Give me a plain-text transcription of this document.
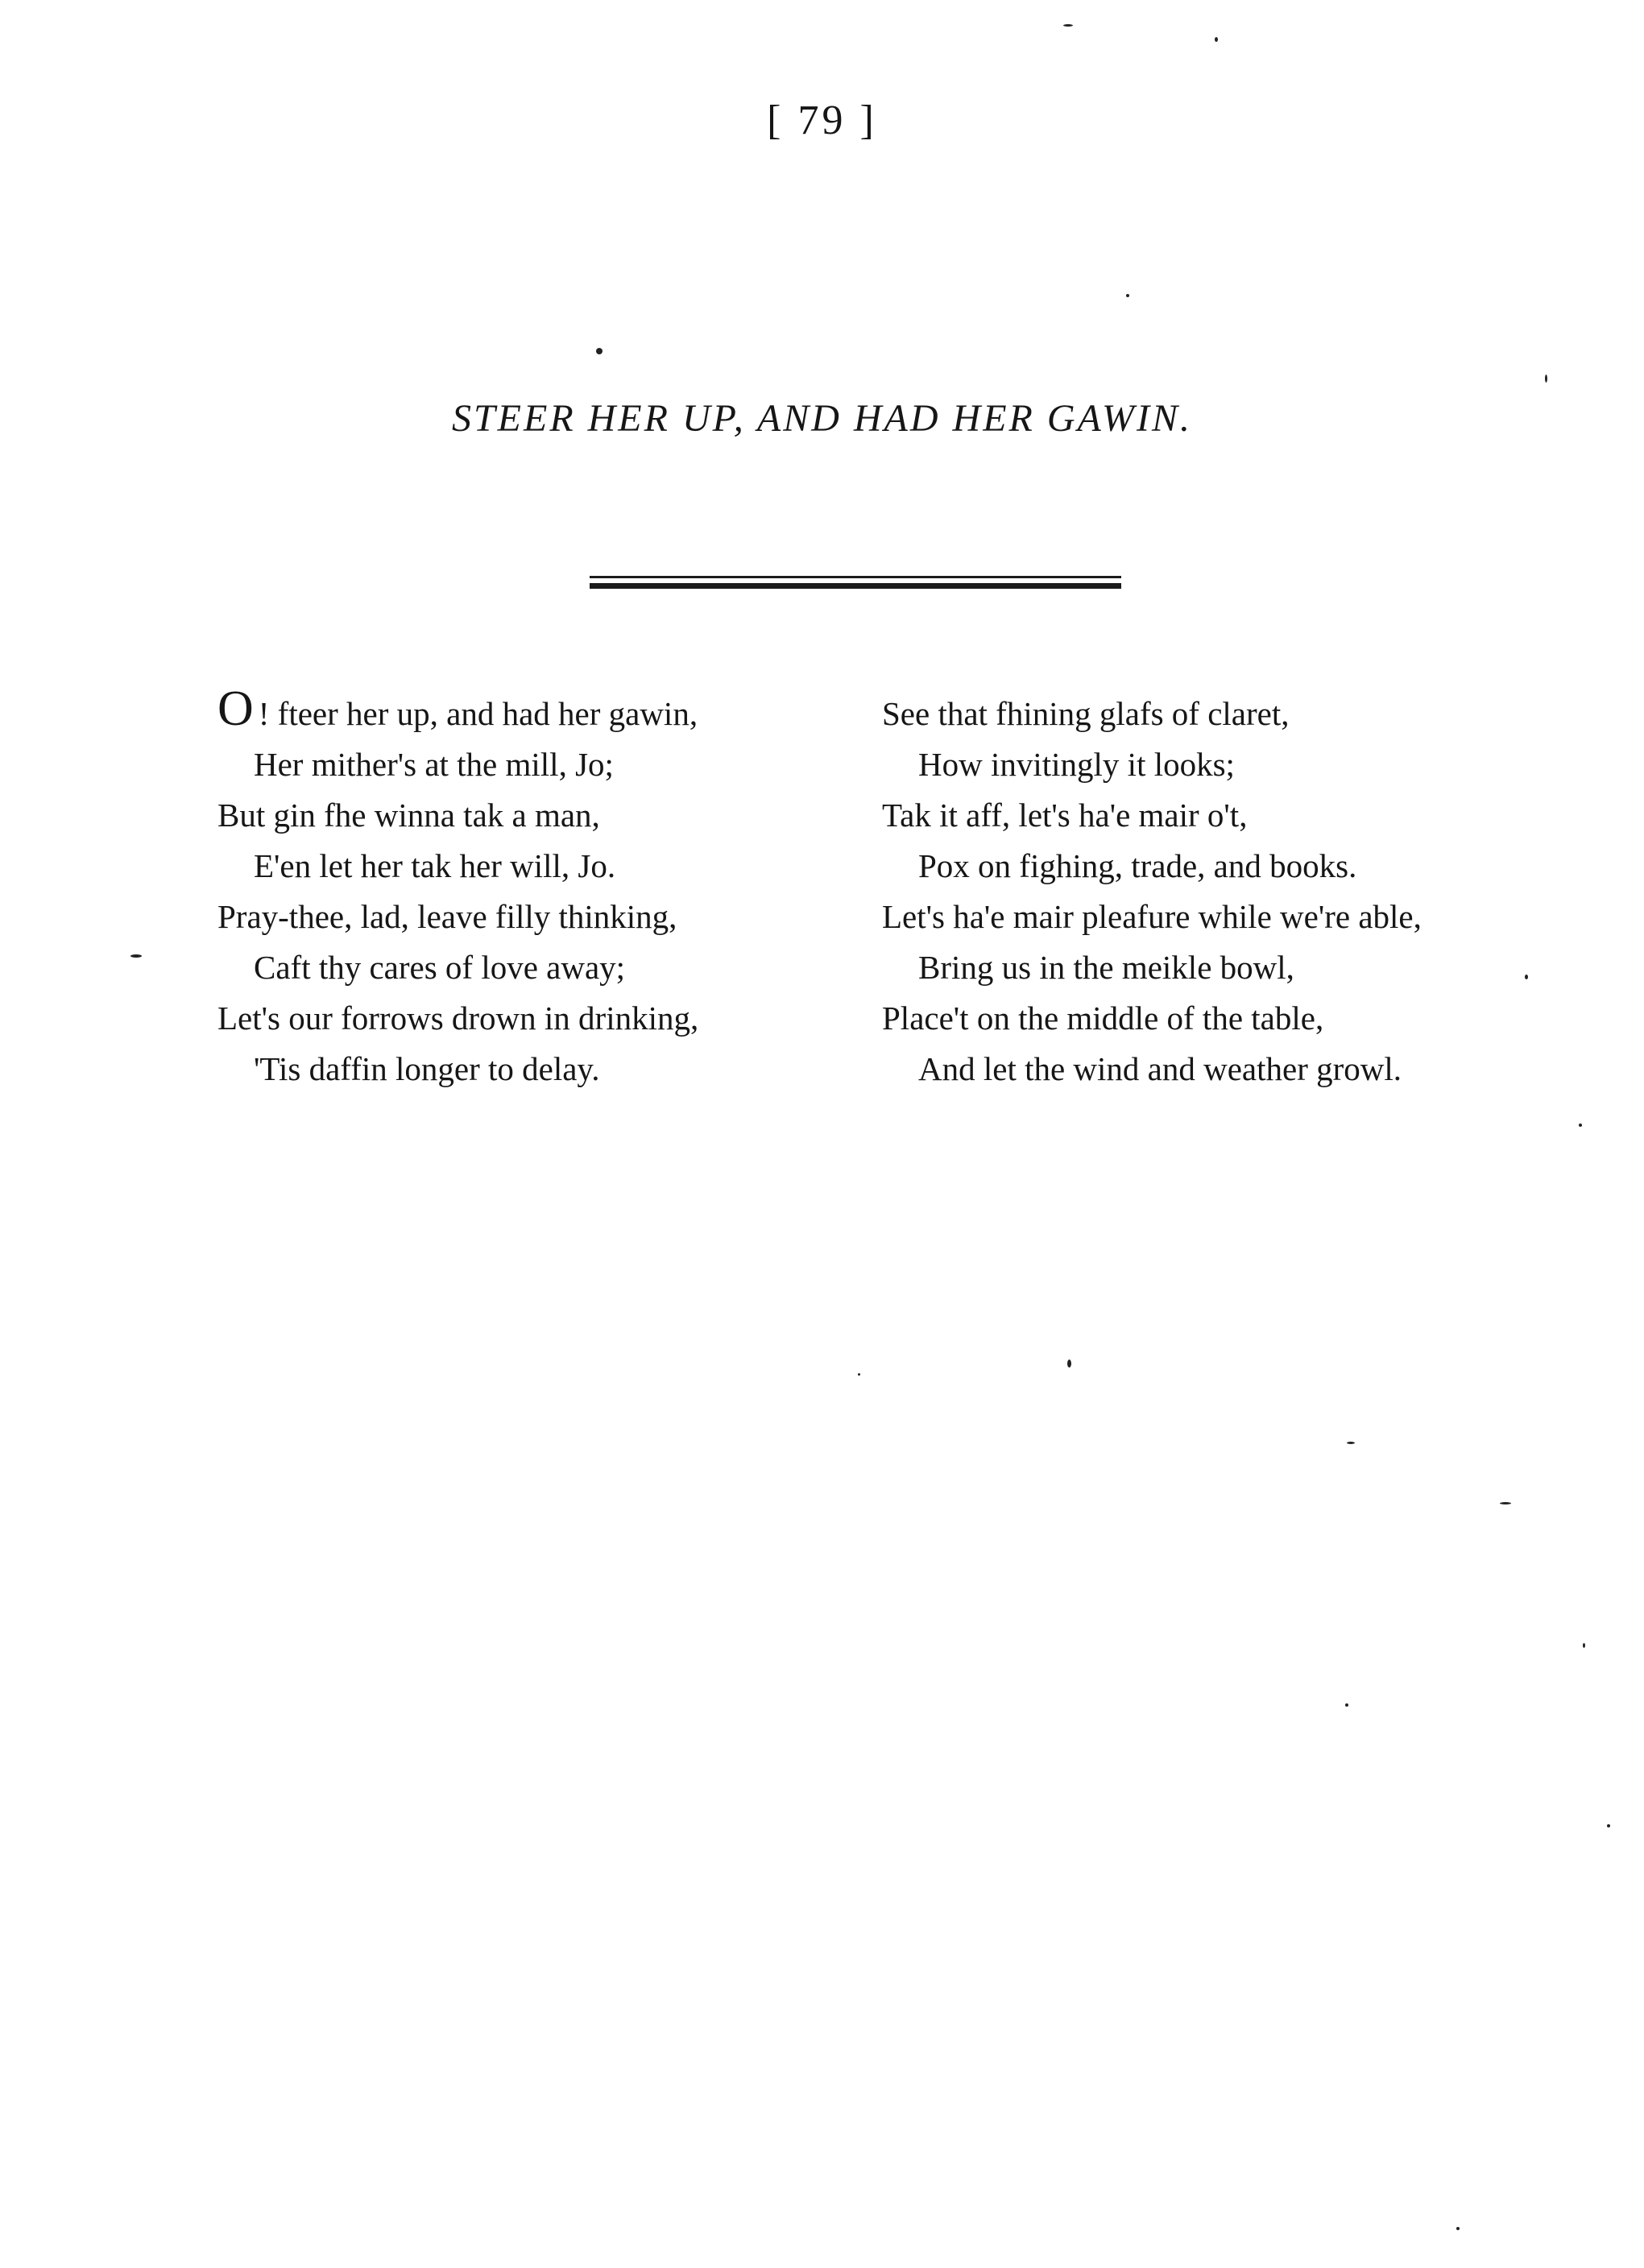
[ 79 ]
STEER HER UP, AND HAD HER GAWIN.
O ! fteer her up, and had her gawin,
Her mither's at the mill, Jo;
But gin fhe winna tak a man,
E'en let her tak her will, Jo.
Pray-thee, lad, leave filly thinking,
Caft thy cares of love away;
Let's our forrows drown in drinking,
'Tis daffin longer to delay.
See that fhining glafs of claret,
How invitingly it looks;
Tak it aff, let's ha'e mair o't,
Pox on fighing, trade, and books.
Let's ha'e mair pleafure while we're able,
Bring us in the meikle bowl,
Place't on the middle of the table,
And let the wind and weather growl.
